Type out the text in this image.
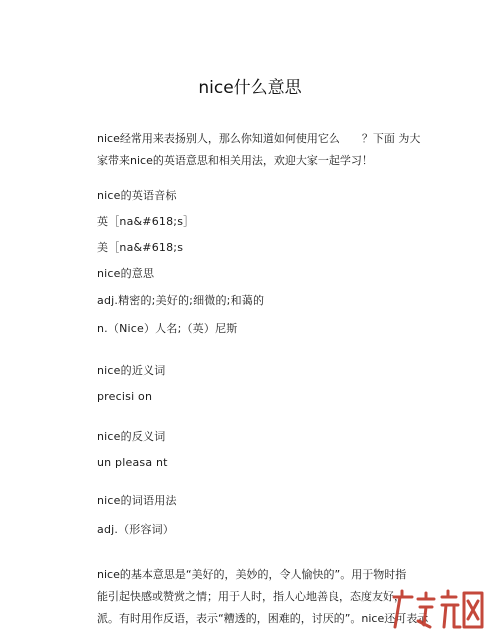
nice什么意思
nice经常用来表扬别人，那么你知道如何使用它么　　？下面 为大
家带来nice的英语意思和相关用法，欢迎大家一起学习！
nice的英语音标
英［na&#618;s］
美［na&#618;s
nice的意思
adj.精密的;美好的;细微的;和蔼的
n.（Nice）人名;（英）尼斯
nice的近义词
precisi on
nice的反义词
un pleasa nt
nice的词语用法
adj.（形容词）
nice的基本意思是“美好的，美妙的，令人愉快的”。用于物时指
能引起快感或赞赏之情；用于人时，指人心地善良，态度友好，
派。有时用作反语，表示“糟透的，困难的，讨厌的”。nice还可表示
